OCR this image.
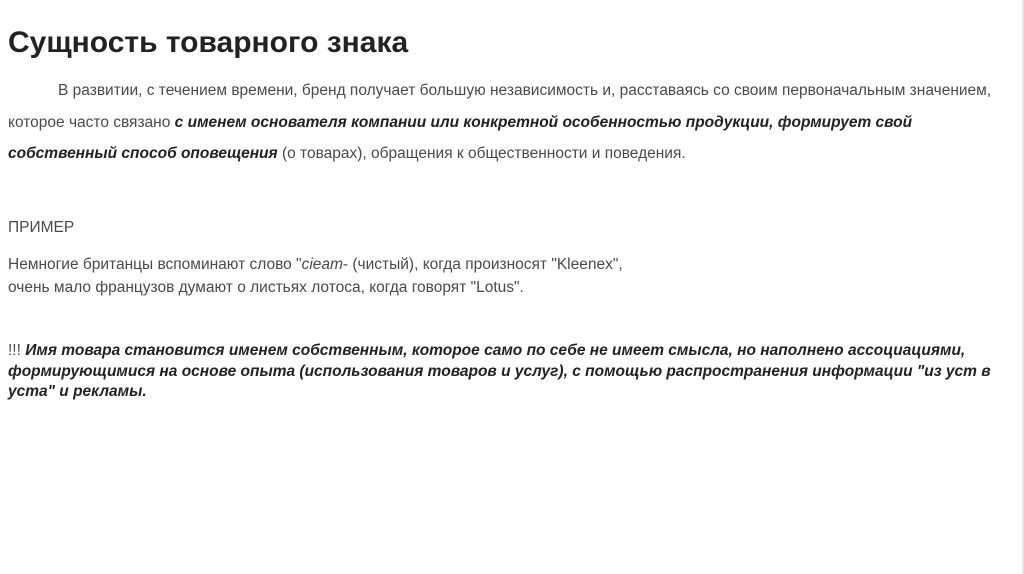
Сущность товарного знака

В развитии, с течением времени, бренд получает большую независимость и, расставаясь со своим первоначальным значением, которое часто связано с именем основателя компании или конкретной особенностью продукции, формирует свой собственный способ оповещения (о товарах), обращения к общественности и поведения.

ПРИМЕР

Немногие британцы вспоминают слово "cieam- (чистый), когда произносят "Kleenex",
очень мало французов думают о листьях лотоса, когда говорят "Lotus".

!!! Имя товара становится именем собственным, которое само по себе не имеет смысла, но наполнено ассоциациями, формирующимися на основе опыта (использования товаров и услуг), с помощью распространения информации "из уст в уста" и рекламы.
